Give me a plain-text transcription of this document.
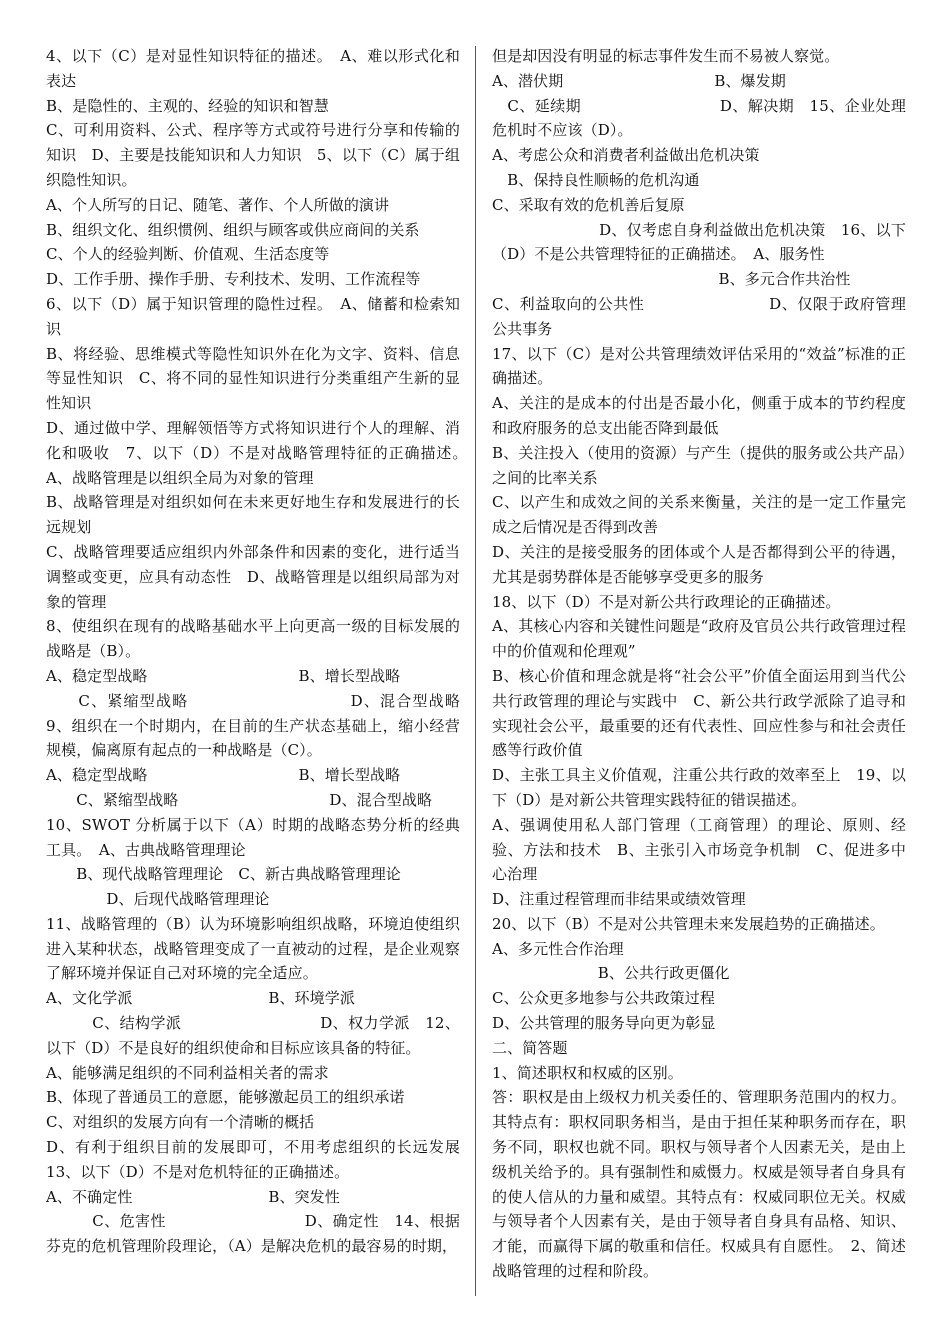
4、以下（C）是对显性知识特征的描述。　A、难以形式化和表达

B、是隐性的、主观的、经验的知识和智慧

C、可利用资料、公式、程序等方式或符号进行分享和传输的知识　D、主要是技能知识和人力知识　5、以下（C）属于组织隐性知识。

A、个人所写的日记、随笔、著作、个人所做的演讲

B、组织文化、组织惯例、组织与顾客或供应商间的关系

C、个人的经验判断、价值观、生活态度等

D、工作手册、操作手册、专利技术、发明、工作流程等

6、以下（D）属于知识管理的隐性过程。　A、储蓄和检索知识

B、将经验、思维模式等隐性知识外在化为文字、资料、信息等显性知识　C、将不同的显性知识进行分类重组产生新的显性知识

D、通过做中学、理解领悟等方式将知识进行个人的理解、消化和吸收　7、以下（D）不是对战略管理特征的正确描述。　A、战略管理是以组织全局为对象的管理

B、战略管理是对组织如何在未来更好地生存和发展进行的长远规划

C、战略管理要适应组织内外部条件和因素的变化，进行适当调整或变更，应具有动态性　D、战略管理是以组织局部为对象的管理

8、使组织在现有的战略基础水平上向更高一级的目标发展的战略是（B）。

A、稳定型战略　　　　　　　　　　B、增长型战略

　　C、紧缩型战略　　　　　　　　　　D、混合型战略　9、组织在一个时期内，在目前的生产状态基础上，缩小经营规模，偏离原有起点的一种战略是（C）。

A、稳定型战略　　　　　　　　　　B、增长型战略

　　C、紧缩型战略　　　　　　　　　　D、混合型战略

10、SWOT 分析属于以下（A）时期的战略态势分析的经典工具。　A、古典战略管理理论

　　B、现代战略管理理论　C、新古典战略管理理论

　　　　D、后现代战略管理理论

11、战略管理的（B）认为环境影响组织战略，环境迫使组织进入某种状态，战略管理变成了一直被动的过程，是企业观察了解环境并保证自己对环境的完全适应。

A、文化学派　　　　　　　　　B、环境学派

　　　C、结构学派　　　　　　　　　D、权力学派　12、以下（D）不是良好的组织使命和目标应该具备的特征。

A、能够满足组织的不同利益相关者的需求

B、体现了普通员工的意愿，能够激起员工的组织承诺

C、对组织的发展方向有一个清晰的概括

D、有利于组织目前的发展即可，不用考虑组织的长远发展　13、以下（D）不是对危机特征的正确描述。

A、不确定性　　　　　　　　　B、突发性

　　　C、危害性　　　　　　　　　D、确定性　14、根据芬克的危机管理阶段理论，（A）是解决危机的最容易的时期，

但是却因没有明显的标志事件发生而不易被人察觉。

A、潜伏期　　　　　　　　　　B、爆发期

　C、延续期　　　　　　　　　D、解决期　15、企业处理危机时不应该（D）。

A、考虑公众和消费者利益做出危机决策

　B、保持良性顺畅的危机沟通

C、采取有效的危机善后复原

　　　　　　　D、仅考虑自身利益做出危机决策　16、以下（D）不是公共管理特征的正确描述。　A、服务性

　　　　　　　　　　　　　　　B、多元合作共治性

C、利益取向的公共性　　　　　　　　D、仅限于政府管理公共事务

17、以下（C）是对公共管理绩效评估采用的“效益”标准的正确描述。

A、关注的是成本的付出是否最小化，侧重于成本的节约程度和政府服务的总支出能否降到最低

B、关注投入（使用的资源）与产生（提供的服务或公共产品）之间的比率关系

C、以产生和成效之间的关系来衡量，关注的是一定工作量完成之后情况是否得到改善

D、关注的是接受服务的团体或个人是否都得到公平的待遇，尤其是弱势群体是否能够享受更多的服务

18、以下（D）不是对新公共行政理论的正确描述。

A、其核心内容和关键性问题是“政府及官员公共行政管理过程中的价值观和伦理观”

B、核心价值和理念就是将“社会公平”价值全面运用到当代公共行政管理的理论与实践中　C、新公共行政学派除了追寻和实现社会公平，最重要的还有代表性、回应性参与和社会责任感等行政价值

D、主张工具主义价值观，注重公共行政的效率至上　19、以下（D）是对新公共管理实践特征的错误描述。

A、强调使用私人部门管理（工商管理）的理论、原则、经验、方法和技术　B、主张引入市场竞争机制　C、促进多中心治理

D、注重过程管理而非结果或绩效管理

20、以下（B）不是对公共管理未来发展趋势的正确描述。

A、多元性合作治理

　　　　　　　B、公共行政更僵化

C、公众更多地参与公共政策过程

D、公共管理的服务导向更为彰显

二、简答题

1、简述职权和权威的区别。

答：职权是由上级权力机关委任的、管理职务范围内的权力。其特点有：职权同职务相当，是由于担任某种职务而存在，职务不同，职权也就不同。职权与领导者个人因素无关，是由上级机关给予的。具有强制性和威慑力。权威是领导者自身具有的使人信从的力量和威望。其特点有：权威同职位无关。权威与领导者个人因素有关，是由于领导者自身具有品格、知识、才能，而赢得下属的敬重和信任。权威具有自愿性。　2、简述战略管理的过程和阶段。
